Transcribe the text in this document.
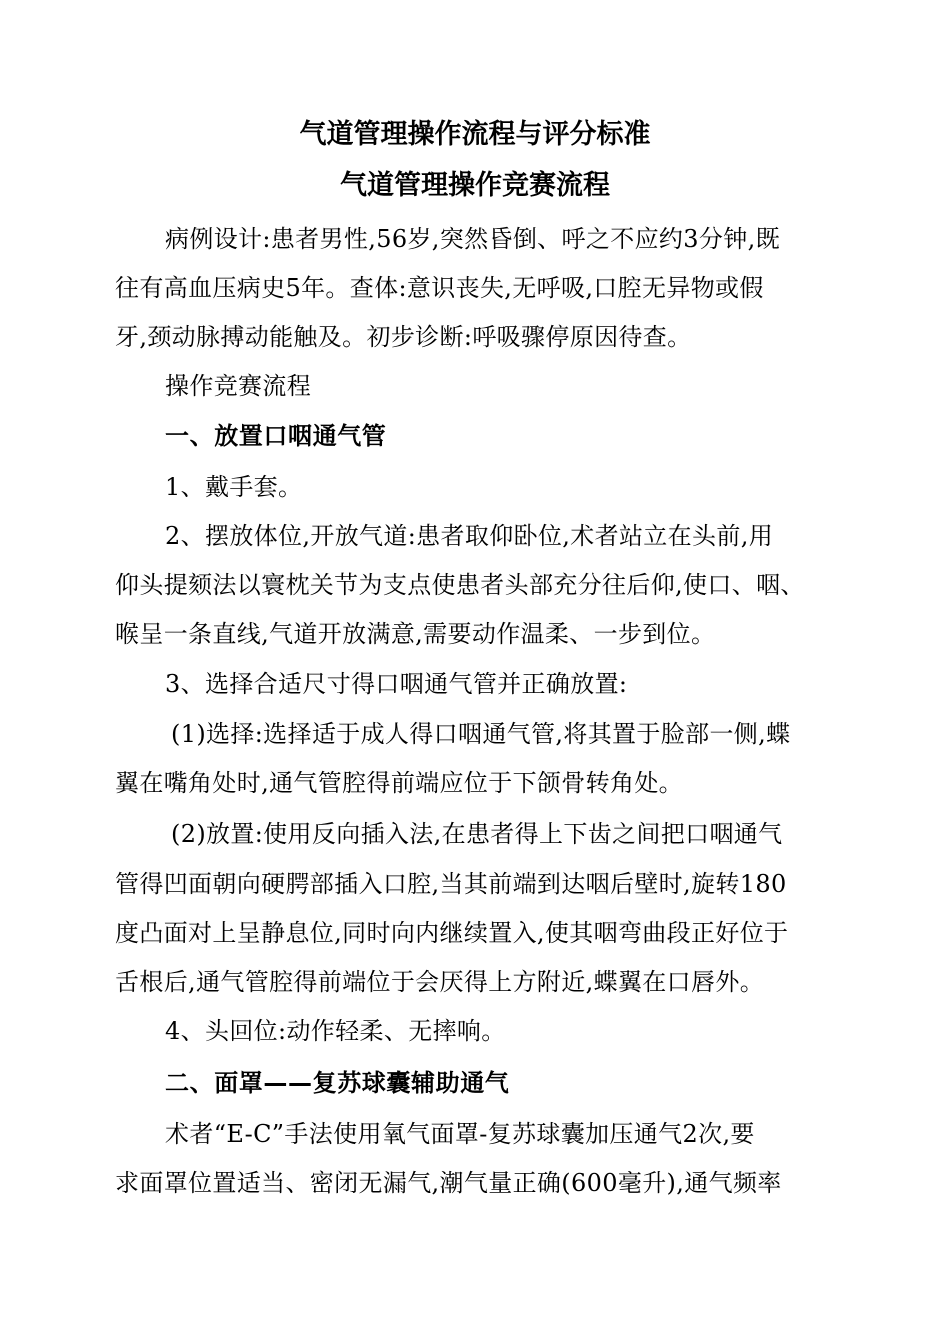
气道管理操作流程与评分标准
气道管理操作竞赛流程
病例设计:患者男性,56岁,突然昏倒、呼之不应约3分钟,既
往有高血压病史5年。查体:意识丧失,无呼吸,口腔无异物或假
牙,颈动脉搏动能触及。初步诊断:呼吸骤停原因待查。
操作竞赛流程
一、放置口咽通气管
1、戴手套。
2、摆放体位,开放气道:患者取仰卧位,术者站立在头前,用
仰头提颏法以寰枕关节为支点使患者头部充分往后仰,使口、咽、
喉呈一条直线,气道开放满意,需要动作温柔、一步到位。
3、选择合适尺寸得口咽通气管并正确放置:
(1)选择:选择适于成人得口咽通气管,将其置于脸部一侧,蝶
翼在嘴角处时,通气管腔得前端应位于下颌骨转角处。
(2)放置:使用反向插入法,在患者得上下齿之间把口咽通气
管得凹面朝向硬腭部插入口腔,当其前端到达咽后壁时,旋转180
度凸面对上呈静息位,同时向内继续置入,使其咽弯曲段正好位于
舌根后,通气管腔得前端位于会厌得上方附近,蝶翼在口唇外。
4、头回位:动作轻柔、无摔响。
二、面罩——复苏球囊辅助通气
术者“E-C”手法使用氧气面罩-复苏球囊加压通气2次,要
求面罩位置适当、密闭无漏气,潮气量正确(600毫升),通气频率
